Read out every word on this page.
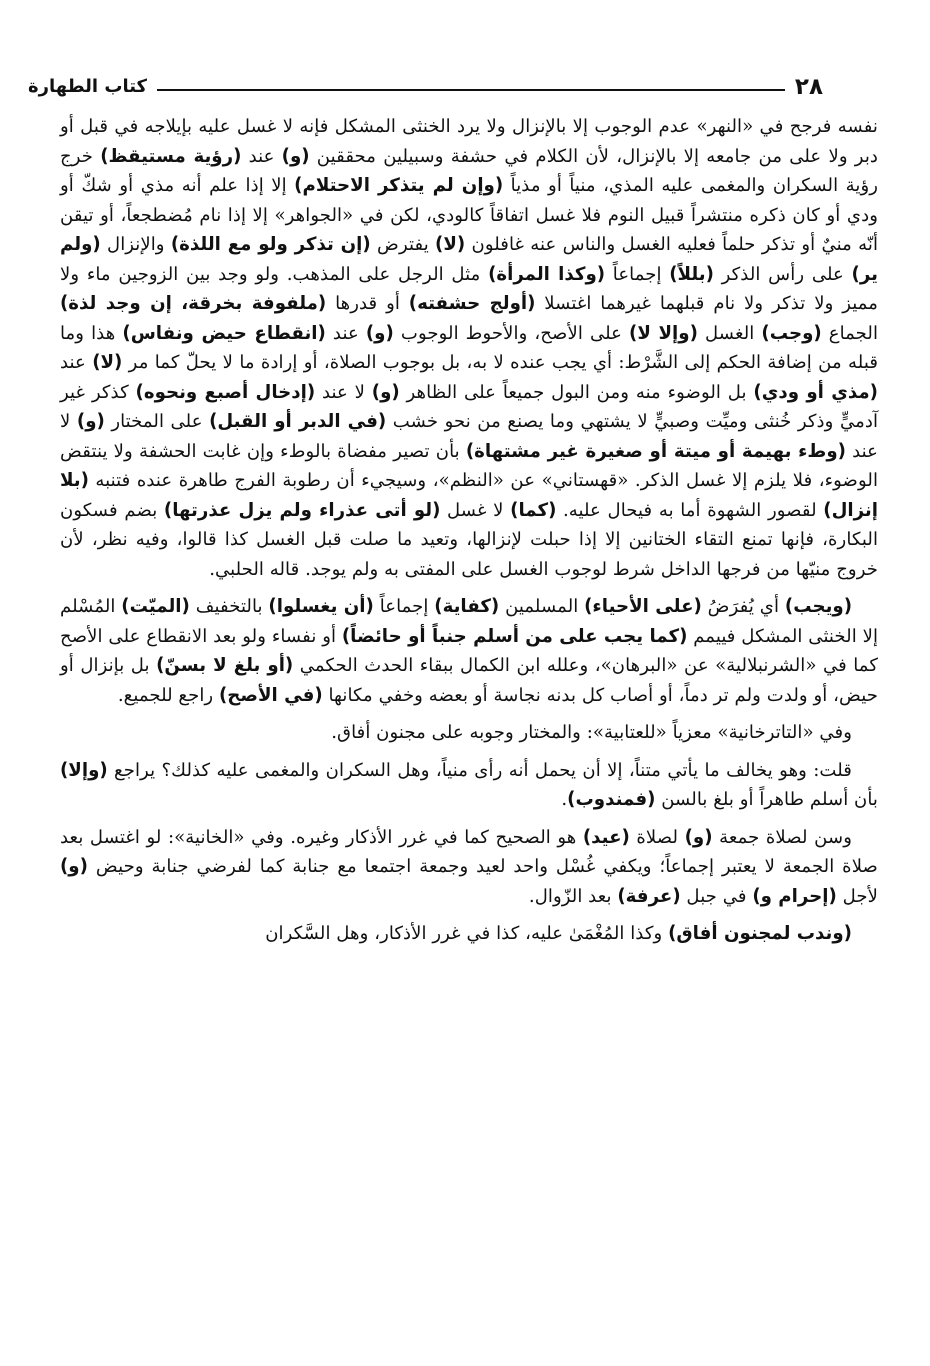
كتاب الطهارة	٢٨

نفسه فرجح في «النهر» عدم الوجوب إلا بالإنزال ولا يرد الخنثى المشكل فإنه لا غسل عليه بإيلاجه في قبل أو دبر ولا على من جامعه إلا بالإنزال، لأن الكلام في حشفة وسبيلين محققين (و) عند (رؤية مستيقظ) خرج رؤية السكران والمغمى عليه المذي، منياً أو مذياً (وإن لم يتذكر الاحتلام) إلا إذا علم أنه مذي أو شكّ أو ودي أو كان ذكره منتشراً قبيل النوم فلا غسل اتفاقاً كالودي، لكن في «الجواهر» إلا إذا نام مُضطجعاً، أو تيقن أنّه منيٌ أو تذكر حلماً فعليه الغسل والناس عنه غافلون (لا) يفترض (إن تذكر ولو مع اللذة) والإنزال (ولم ير) على رأس الذكر (بللاً) إجماعاً (وكذا المرأة) مثل الرجل على المذهب. ولو وجد بين الزوجين ماء ولا مميز ولا تذكر ولا نام قبلهما غيرهما اغتسلا (أولج حشفته) أو قدرها (ملفوفة بخرقة، إن وجد لذة) الجماع (وجب) الغسل (وإلا لا) على الأصح، والأحوط الوجوب (و) عند (انقطاع حيض ونفاس) هذا وما قبله من إضافة الحكم إلى الشَّرْط: أي يجب عنده لا به، بل بوجوب الصلاة، أو إرادة ما لا يحلّ كما مر (لا) عند (مذي أو ودي) بل الوضوء منه ومن البول جميعاً على الظاهر (و) لا عند (إدخال أصبع ونحوه) كذكر غير آدميٍّ وذكر خُنثى وميِّت وصبيٍّ لا يشتهي وما يصنع من نحو خشب (في الدبر أو القبل) على المختار (و) لا عند (وطء بهيمة أو ميتة أو صغيرة غير مشتهاة) بأن تصير مفضاة بالوطء وإن غابت الحشفة ولا ينتقض الوضوء، فلا يلزم إلا غسل الذكر. «قهستاني» عن «النظم»، وسيجيء أن رطوبة الفرج طاهرة عنده فتنبه (بلا إنزال) لقصور الشهوة أما به فيحال عليه. (كما) لا غسل (لو أتى عذراء ولم يزل عذرتها) بضم فسكون البكارة، فإنها تمنع التقاء الختانين إلا إذا حبلت لإنزالها، وتعيد ما صلت قبل الغسل كذا قالوا، وفيه نظر، لأن خروج منيّها من فرجها الداخل شرط لوجوب الغسل على المفتى به ولم يوجد. قاله الحلبي.

(ويجب) أي يُفرَضُ (على الأحياء) المسلمين (كفاية) إجماعاً (أن يغسلوا) بالتخفيف (الميّت) المُسْلم إلا الخنثى المشكل فييمم (كما يجب على من أسلم جنباً أو حائضاً) أو نفساء ولو بعد الانقطاع على الأصح كما في «الشرنبلالية» عن «البرهان»، وعلله ابن الكمال ببقاء الحدث الحكمي (أو بلغ لا بسنّ) بل بإنزال أو حيض، أو ولدت ولم تر دماً، أو أصاب كل بدنه نجاسة أو بعضه وخفي مكانها (في الأصح) راجع للجميع.

وفي «التاترخانية» معزياً «للعتابية»: والمختار وجوبه على مجنون أفاق.

قلت: وهو يخالف ما يأتي متناً، إلا أن يحمل أنه رأى منياً، وهل السكران والمغمى عليه كذلك؟ يراجع (وإلا) بأن أسلم طاهراً أو بلغ بالسن (فمندوب).

وسن لصلاة جمعة (و) لصلاة (عيد) هو الصحيح كما في غرر الأذكار وغيره. وفي «الخانية»: لو اغتسل بعد صلاة الجمعة لا يعتبر إجماعاً؛ ويكفي غُسْل واحد لعيد وجمعة اجتمعا مع جنابة كما لفرضي جنابة وحيض (و) لأجل (إحرام و) في جبل (عرفة) بعد الزّوال.

(وندب لمجنون أفاق) وكذا المُغْمَىٰ عليه، كذا في غرر الأذكار، وهل السَّكران
